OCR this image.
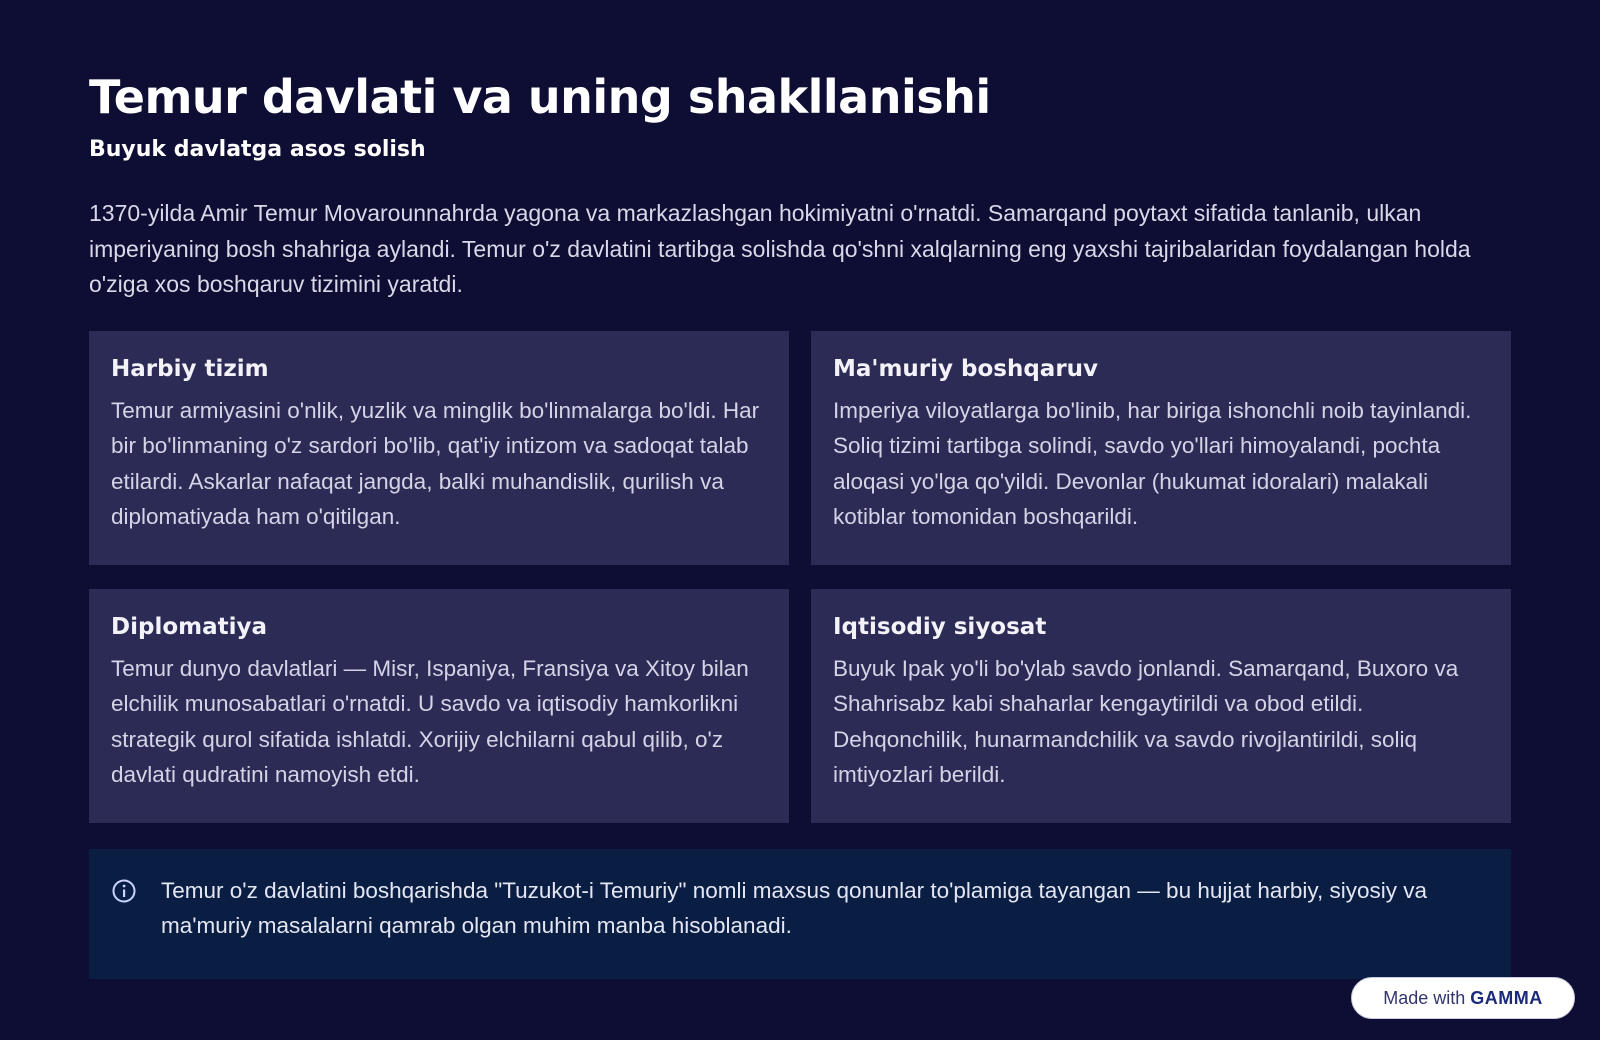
Temur davlati va uning shakllanishi
Buyuk davlatga asos solish

1370-yilda Amir Temur Movarounnahrda yagona va markazlashgan hokimiyatni o'rnatdi. Samarqand poytaxt sifatida tanlanib, ulkan imperiyaning bosh shahriga aylandi. Temur o'z davlatini tartibga solishda qo'shni xalqlarning eng yaxshi tajribalaridan foydalangan holda o'ziga xos boshqaruv tizimini yaratdi.

Harbiy tizim

Temur armiyasini o'nlik, yuzlik va minglik bo'linmalarga bo'ldi. Har bir bo'linmaning o'z sardori bo'lib, qat'iy intizom va sadoqat talab etilardi. Askarlar nafaqat jangda, balki muhandislik, qurilish va diplomatiyada ham o'qitilgan.

Ma'muriy boshqaruv

Imperiya viloyatlarga bo'linib, har biriga ishonchli noib tayinlandi. Soliq tizimi tartibga solindi, savdo yo'llari himoyalandi, pochta aloqasi yo'lga qo'yildi. Devonlar (hukumat idoralari) malakali kotiblar tomonidan boshqarildi.

Diplomatiya

Temur dunyo davlatlari — Misr, Ispaniya, Fransiya va Xitoy bilan elchilik munosabatlari o'rnatdi. U savdo va iqtisodiy hamkorlikni strategik qurol sifatida ishlatdi. Xorijiy elchilarni qabul qilib, o'z davlati qudratini namoyish etdi.

Iqtisodiy siyosat

Buyuk Ipak yo'li bo'ylab savdo jonlandi. Samarqand, Buxoro va Shahrisabz kabi shaharlar kengaytirildi va obod etildi. Dehqonchilik, hunarmandchilik va savdo rivojlantirildi, soliq imtiyozlari berildi.

Temur o'z davlatini boshqarishda "Tuzukot-i Temuriy" nomli maxsus qonunlar to'plamiga tayangan — bu hujjat harbiy, siyosiy va ma'muriy masalalarni qamrab olgan muhim manba hisoblanadi.

Made with GAMMA
